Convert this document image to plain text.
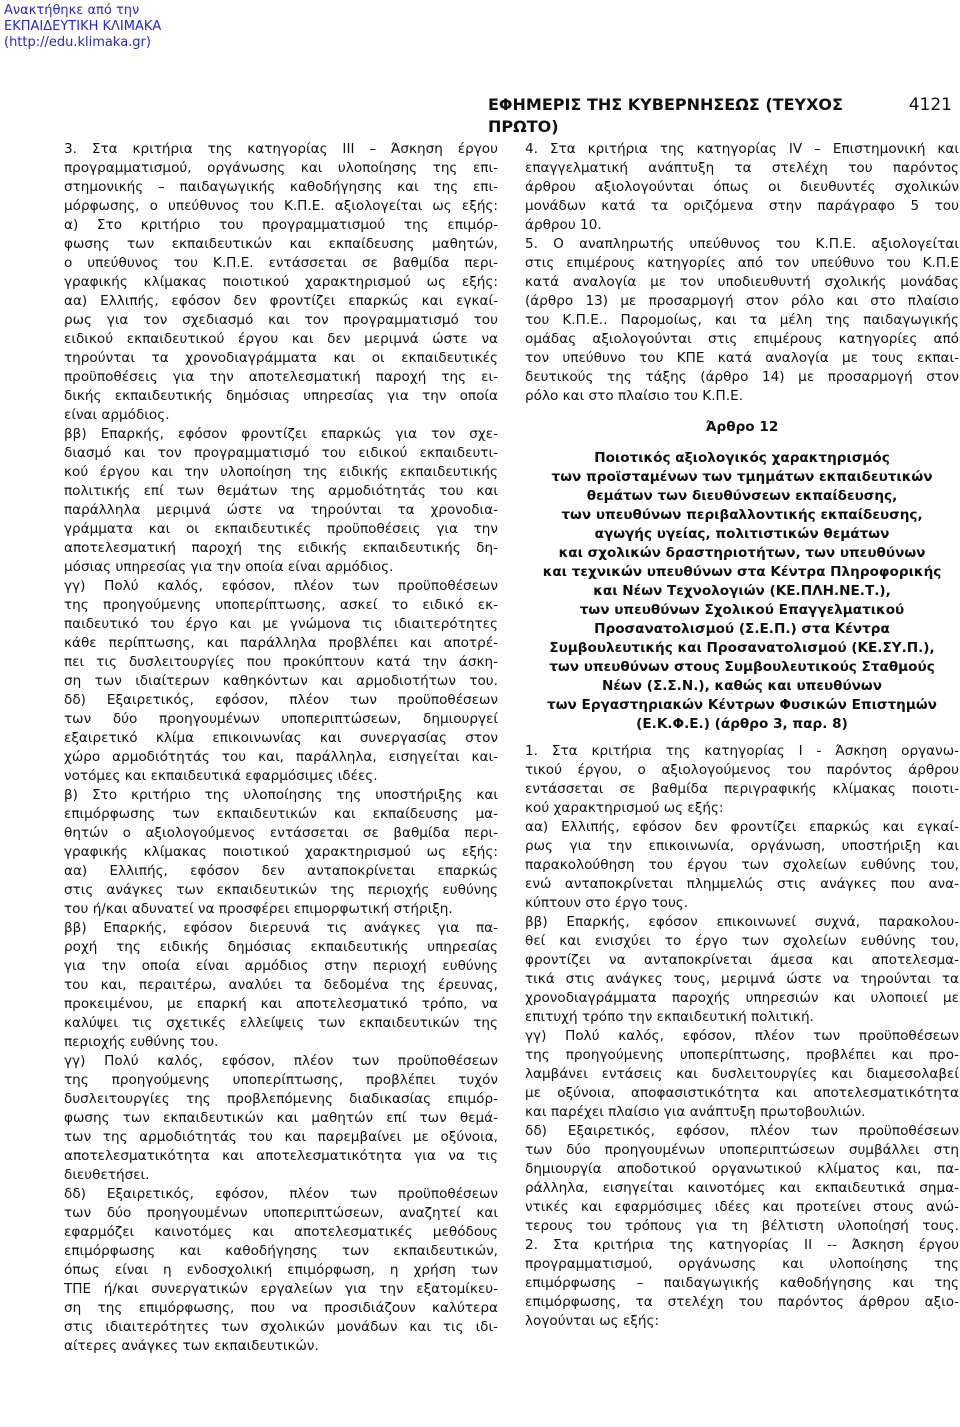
Ανακτήθηκε από την
ΕΚΠΑΙΔΕΥΤΙΚΗ ΚΛΙΜΑΚΑ
(http://edu.klimaka.gr)
ΕΦΗΜΕΡΙΣ ΤΗΣ ΚΥΒΕΡΝΗΣΕΩΣ (ΤΕΥΧΟΣ ΠΡΩΤΟ)
4121
3. Στα κριτήρια της κατηγορίας ΙΙΙ – Άσκηση έργου
προγραμματισμού, οργάνωσης και υλοποίησης της επι-
στημονικής – παιδαγωγικής καθοδήγησης και της επι-
μόρφωσης, ο υπεύθυνος του Κ.Π.Ε. αξιολογείται ως εξής:
α) Στο κριτήριο του προγραμματισμού της επιμόρ-
φωσης των εκπαιδευτικών και εκπαίδευσης μαθητών,
ο υπεύθυνος του Κ.Π.Ε. εντάσσεται σε βαθμίδα περι-
γραφικής κλίμακας ποιοτικού χαρακτηρισμού ως εξής:
αα) Ελλιπής, εφόσον δεν φροντίζει επαρκώς και εγκαί-
ρως για τον σχεδιασμό και τον προγραμματισμό του
ειδικού εκπαιδευτικού έργου και δεν μεριμνά ώστε να
τηρούνται τα χρονοδιαγράμματα και οι εκπαιδευτικές
προϋποθέσεις για την αποτελεσματική παροχή της ει-
δικής εκπαιδευτικής δημόσιας υπηρεσίας για την οποία
είναι αρμόδιος.
ββ) Επαρκής, εφόσον φροντίζει επαρκώς για τον σχε-
διασμό και τον προγραμματισμό του ειδικού εκπαιδευτι-
κού έργου και την υλοποίηση της ειδικής εκπαιδευτικής
πολιτικής επί των θεμάτων της αρμοδιότητάς του και
παράλληλα μεριμνά ώστε να τηρούνται τα χρονοδια-
γράμματα και οι εκπαιδευτικές προϋποθέσεις για την
αποτελεσματική παροχή της ειδικής εκπαιδευτικής δη-
μόσιας υπηρεσίας για την οποία είναι αρμόδιος.
γγ) Πολύ καλός, εφόσον, πλέον των προϋποθέσεων
της προηγούμενης υποπερίπτωσης, ασκεί το ειδικό εκ-
παιδευτικό του έργο και με γνώμονα τις ιδιαιτερότητες
κάθε περίπτωσης, και παράλληλα προβλέπει και αποτρέ-
πει τις δυσλειτουργίες που προκύπτουν κατά την άσκη-
ση των ιδιαίτερων καθηκόντων και αρμοδιοτήτων του.
δδ) Εξαιρετικός, εφόσον, πλέον των προϋποθέσεων
των δύο προηγουμένων υποπεριπτώσεων, δημιουργεί
εξαιρετικό κλίμα επικοινωνίας και συνεργασίας στον
χώρο αρμοδιότητάς του και, παράλληλα, εισηγείται και-
νοτόμες και εκπαιδευτικά εφαρμόσιμες ιδέες.
β) Στο κριτήριο της υλοποίησης της υποστήριξης και
επιμόρφωσης των εκπαιδευτικών και εκπαίδευσης μα-
θητών ο αξιολογούμενος εντάσσεται σε βαθμίδα περι-
γραφικής κλίμακας ποιοτικού χαρακτηρισμού ως εξής:
αα) Ελλιπής, εφόσον δεν ανταποκρίνεται επαρκώς
στις ανάγκες των εκπαιδευτικών της περιοχής ευθύνης
του ή/και αδυνατεί να προσφέρει επιμορφωτική στήριξη.
ββ) Επαρκής, εφόσον διερευνά τις ανάγκες για πα-
ροχή της ειδικής δημόσιας εκπαιδευτικής υπηρεσίας
για την οποία είναι αρμόδιος στην περιοχή ευθύνης
του και, περαιτέρω, αναλύει τα δεδομένα της έρευνας,
προκειμένου, με επαρκή και αποτελεσματικό τρόπο, να
καλύψει τις σχετικές ελλείψεις των εκπαιδευτικών της
περιοχής ευθύνης του.
γγ) Πολύ καλός, εφόσον, πλέον των προϋποθέσεων
της προηγούμενης υποπερίπτωσης, προβλέπει τυχόν
δυσλειτουργίες της προβλεπόμενης διαδικασίας επιμόρ-
φωσης των εκπαιδευτικών και μαθητών επί των θεμά-
των της αρμοδιότητάς του και παρεμβαίνει με οξύνοια,
αποτελεσματικότητα και αποτελεσματικότητα για να τις
διευθετήσει.
δδ) Εξαιρετικός, εφόσον, πλέον των προϋποθέσεων
των δύο προηγουμένων υποπεριπτώσεων, αναζητεί και
εφαρμόζει καινοτόμες και αποτελεσματικές μεθόδους
επιμόρφωσης και καθοδήγησης των εκπαιδευτικών,
όπως είναι η ενδοσχολική επιμόρφωση, η χρήση των
ΤΠΕ ή/και συνεργατικών εργαλείων για την εξατομίκευ-
ση της επιμόρφωσης, που να προσιδιάζουν καλύτερα
στις ιδιαιτερότητες των σχολικών μονάδων και τις ιδι-
αίτερες ανάγκες των εκπαιδευτικών.
4. Στα κριτήρια της κατηγορίας IV – Επιστημονική και
επαγγελματική ανάπτυξη τα στελέχη του παρόντος
άρθρου αξιολογούνται όπως οι διευθυντές σχολικών
μονάδων κατά τα οριζόμενα στην παράγραφο 5 του
άρθρου 10.
5. Ο αναπληρωτής υπεύθυνος του Κ.Π.Ε. αξιολογείται
στις επιμέρους κατηγορίες από τον υπεύθυνο του Κ.Π.Ε
κατά αναλογία με τον υποδιευθυντή σχολικής μονάδας
(άρθρο 13) με προσαρμογή στον ρόλο και στο πλαίσιο
του Κ.Π.Ε.. Παρομοίως, και τα μέλη της παιδαγωγικής
ομάδας αξιολογούνται στις επιμέρους κατηγορίες από
τον υπεύθυνο του ΚΠΕ κατά αναλογία με τους εκπαι-
δευτικούς της τάξης (άρθρο 14) με προσαρμογή στον
ρόλο και στο πλαίσιο του Κ.Π.Ε.
Άρθρο 12
Ποιοτικός αξιολογικός χαρακτηρισμός
των προϊσταμένων των τμημάτων εκπαιδευτικών
θεμάτων των διευθύνσεων εκπαίδευσης,
των υπευθύνων περιβαλλοντικής εκπαίδευσης,
αγωγής υγείας, πολιτιστικών θεμάτων
και σχολικών δραστηριοτήτων, των υπευθύνων
και τεχνικών υπευθύνων στα Κέντρα Πληροφορικής
και Νέων Τεχνολογιών (ΚΕ.ΠΛΗ.ΝΕ.Τ.),
των υπευθύνων Σχολικού Επαγγελματικού
Προσανατολισμού (Σ.Ε.Π.) στα Κέντρα
Συμβουλευτικής και Προσανατολισμού (ΚΕ.ΣΥ.Π.),
των υπευθύνων στους Συμβουλευτικούς Σταθμούς
Νέων (Σ.Σ.Ν.), καθώς και υπευθύνων
των Εργαστηριακών Κέντρων Φυσικών Επιστημών
(Ε.Κ.Φ.Ε.) (άρθρο 3, παρ. 8)
1. Στα κριτήρια της κατηγορίας Ι - Άσκηση οργανω-
τικού έργου, ο αξιολογούμενος του παρόντος άρθρου
εντάσσεται σε βαθμίδα περιγραφικής κλίμακας ποιοτι-
κού χαρακτηρισμού ως εξής:
αα) Ελλιπής, εφόσον δεν φροντίζει επαρκώς και εγκαί-
ρως για την επικοινωνία, οργάνωση, υποστήριξη και
παρακολούθηση του έργου των σχολείων ευθύνης του,
ενώ ανταποκρίνεται πλημμελώς στις ανάγκες που ανα-
κύπτουν στο έργο τους.
ββ) Επαρκής, εφόσον επικοινωνεί συχνά, παρακολου-
θεί και ενισχύει το έργο των σχολείων ευθύνης του,
φροντίζει να ανταποκρίνεται άμεσα και αποτελεσμα-
τικά στις ανάγκες τους, μεριμνά ώστε να τηρούνται τα
χρονοδιαγράμματα παροχής υπηρεσιών και υλοποιεί με
επιτυχή τρόπο την εκπαιδευτική πολιτική.
γγ) Πολύ καλός, εφόσον, πλέον των προϋποθέσεων
της προηγούμενης υποπερίπτωσης, προβλέπει και προ-
λαμβάνει εντάσεις και δυσλειτουργίες και διαμεσολαβεί
με οξύνοια, αποφασιστικότητα και αποτελεσματικότητα
και παρέχει πλαίσιο για ανάπτυξη πρωτοβουλιών.
δδ) Εξαιρετικός, εφόσον, πλέον των προϋποθέσεων
των δύο προηγουμένων υποπεριπτώσεων συμβάλλει στη
δημιουργία αποδοτικού οργανωτικού κλίματος και, πα-
ράλληλα, εισηγείται καινοτόμες και εκπαιδευτικά σημα-
ντικές και εφαρμόσιμες ιδέες και προτείνει στους ανώ-
τερους του τρόπους για τη βέλτιστη υλοποίησή τους.
2. Στα κριτήρια της κατηγορίας ΙΙ -- Άσκηση έργου
προγραμματισμού, οργάνωσης και υλοποίησης της
επιμόρφωσης – παιδαγωγικής καθοδήγησης και της
επιμόρφωσης, τα στελέχη του παρόντος άρθρου αξιο-
λογούνται ως εξής:
